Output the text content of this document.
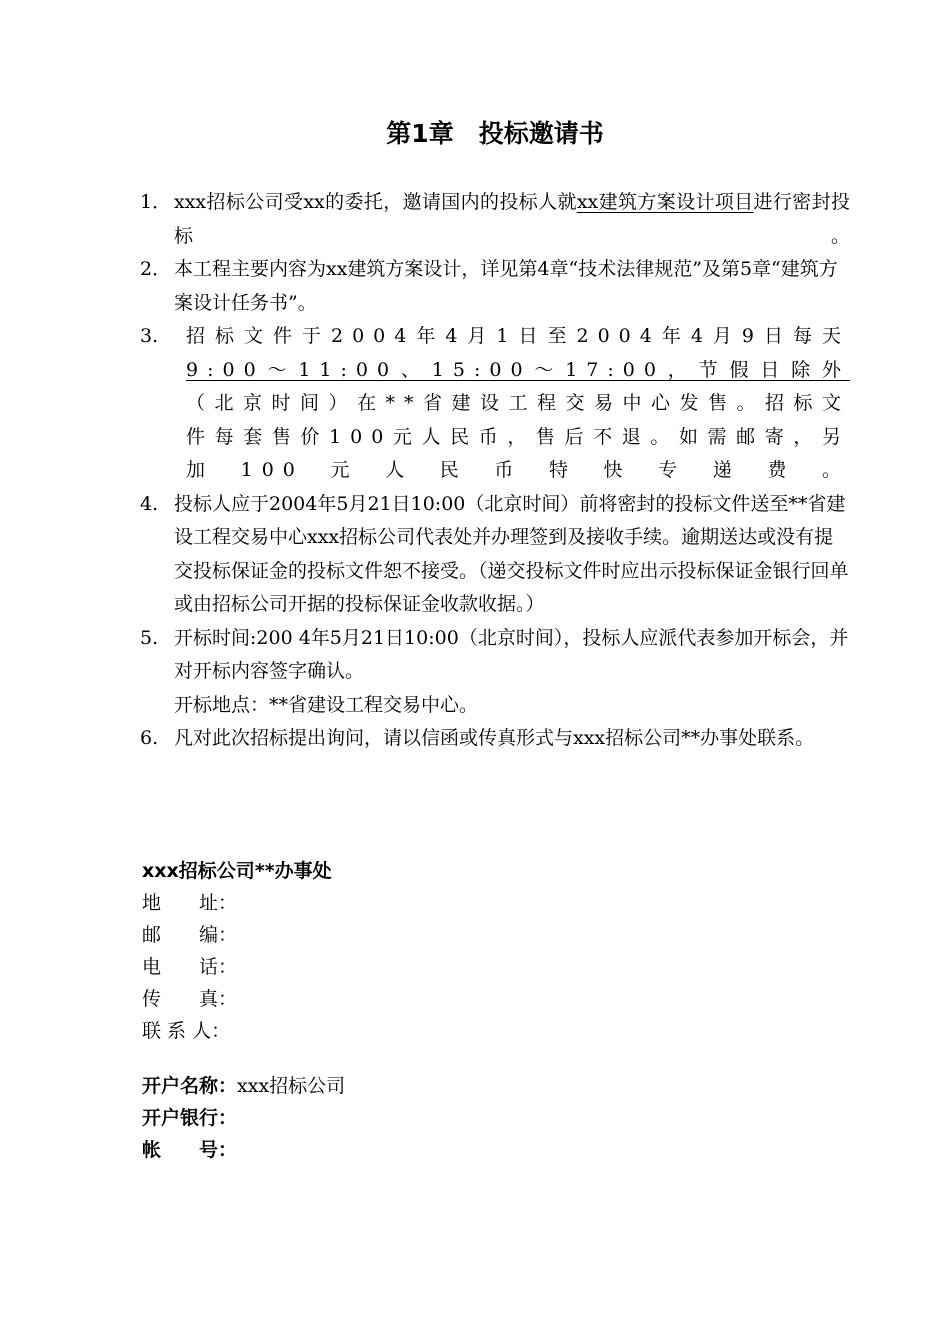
第1章　投标邀请书
1． xxx招标公司受xx的委托，邀请国内的投标人就xx建筑方案设计项目进行密封投标。
2． 本工程主要内容为xx建筑方案设计，详见第4章“技术法律规范”及第5章“建筑方案设计任务书”。
3. 招标文件于2004年4月1日至2004年4月9日每天9:00～11:00、15:00～17:00，节假日除外（北京时间）在**省建设工程交易中心发售。招标文件每套售价100元人民币，售后不退。如需邮寄，另加100元人民币特快专递费。
4. 投标人应于2004年5月21日10:00（北京时间）前将密封的投标文件送至**省建设工程交易中心xxx招标公司代表处并办理签到及接收手续。逾期送达或没有提交投标保证金的投标文件恕不接受。（递交投标文件时应出示投标保证金银行回单或由招标公司开据的投标保证金收款收据。）
5. 开标时间:200 4年5月21日10:00（北京时间），投标人应派代表参加开标会，并对开标内容签字确认。
开标地点：**省建设工程交易中心。
6. 凡对此次招标提出询问，请以信函或传真形式与xxx招标公司**办事处联系。
xxx招标公司**办事处
地　　址：
邮　　编：
电　　话：
传　　真：
联 系 人：
开户名称：xxx招标公司
开户银行：
帐　　号：
